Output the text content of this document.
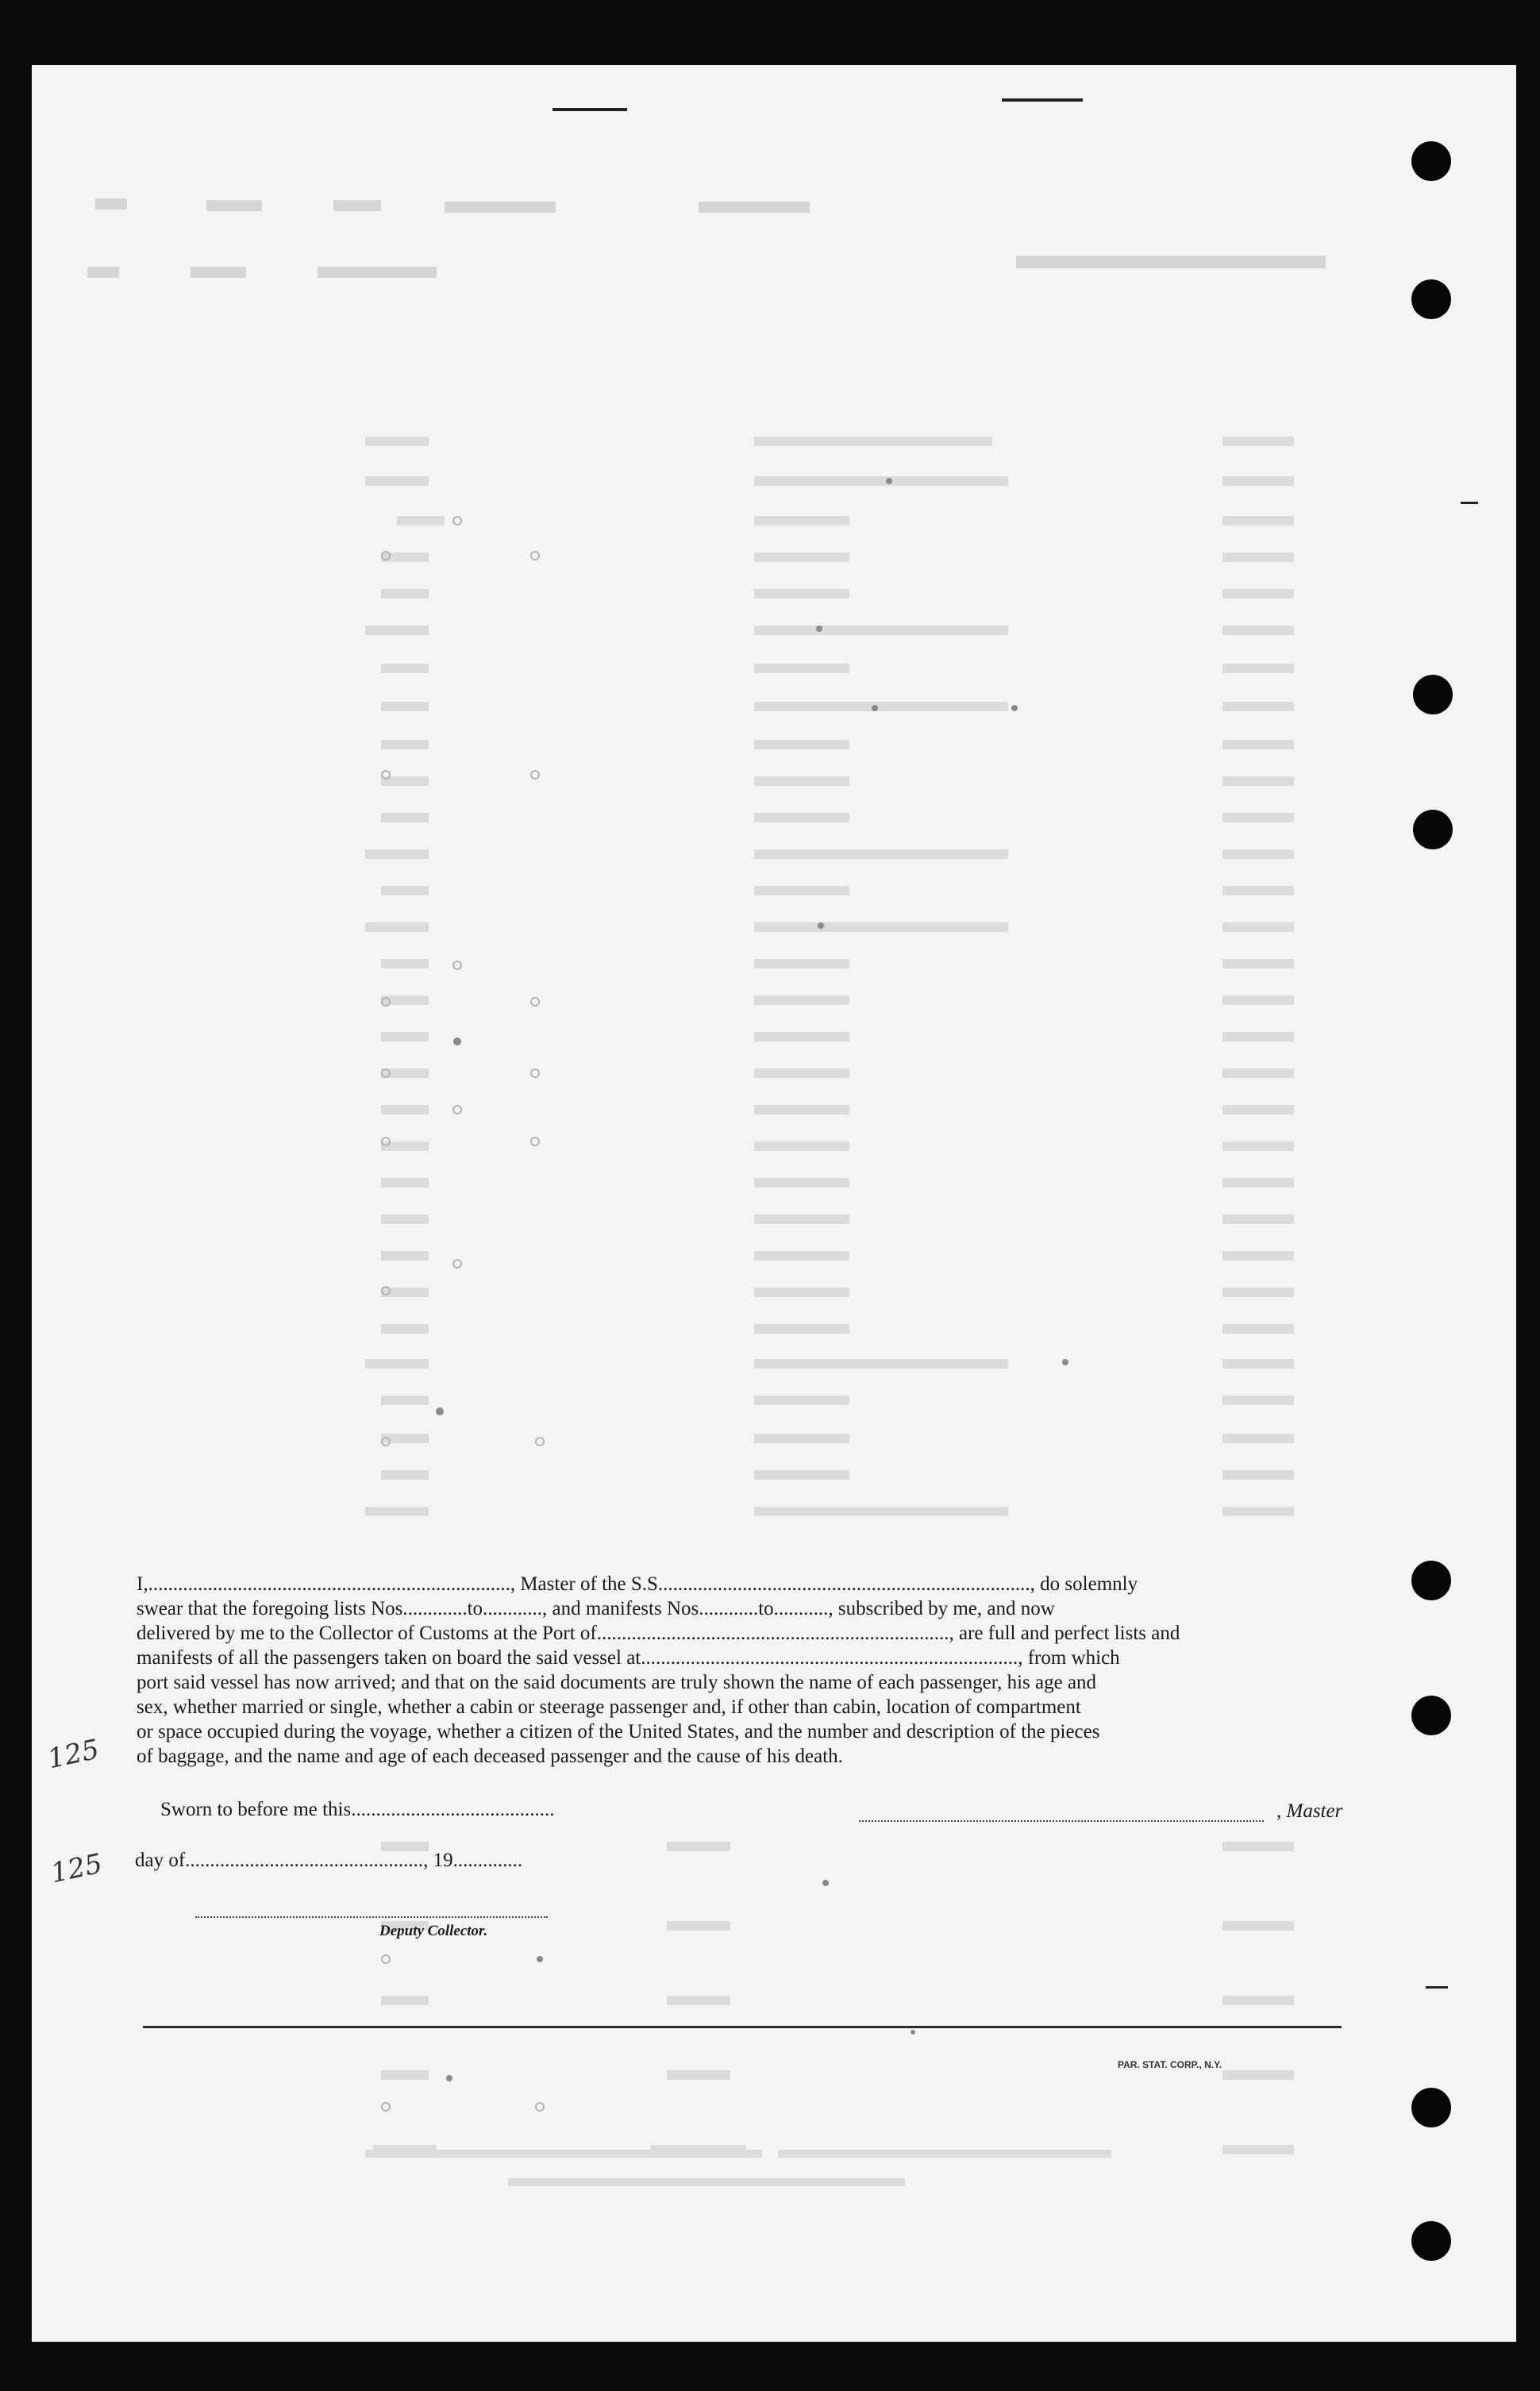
I,........................................................................., Master of the S.S..........................................................................., do solemnly

swear that the foregoing lists Nos.............to............, and manifests Nos............to..........., subscribed by me, and now

delivered by me to the Collector of Customs at the Port of......................................................................., are full and perfect lists and

manifests of all the passengers taken on board the said vessel at............................................................................, from which

port said vessel has now arrived; and that on the said documents are truly shown the name of each passenger, his age and

sex, whether married or single, whether a cabin or steerage passenger and, if other than cabin, location of compartment

or space occupied during the voyage, whether a citizen of the United States, and the number and description of the pieces

of baggage, and the name and age of each deceased passenger and the cause of his death.

Sworn to before me this.........................................
day of................................................, 19..............
Deputy Collector.
, Master
PAR. STAT. CORP., N.Y.
125
125
